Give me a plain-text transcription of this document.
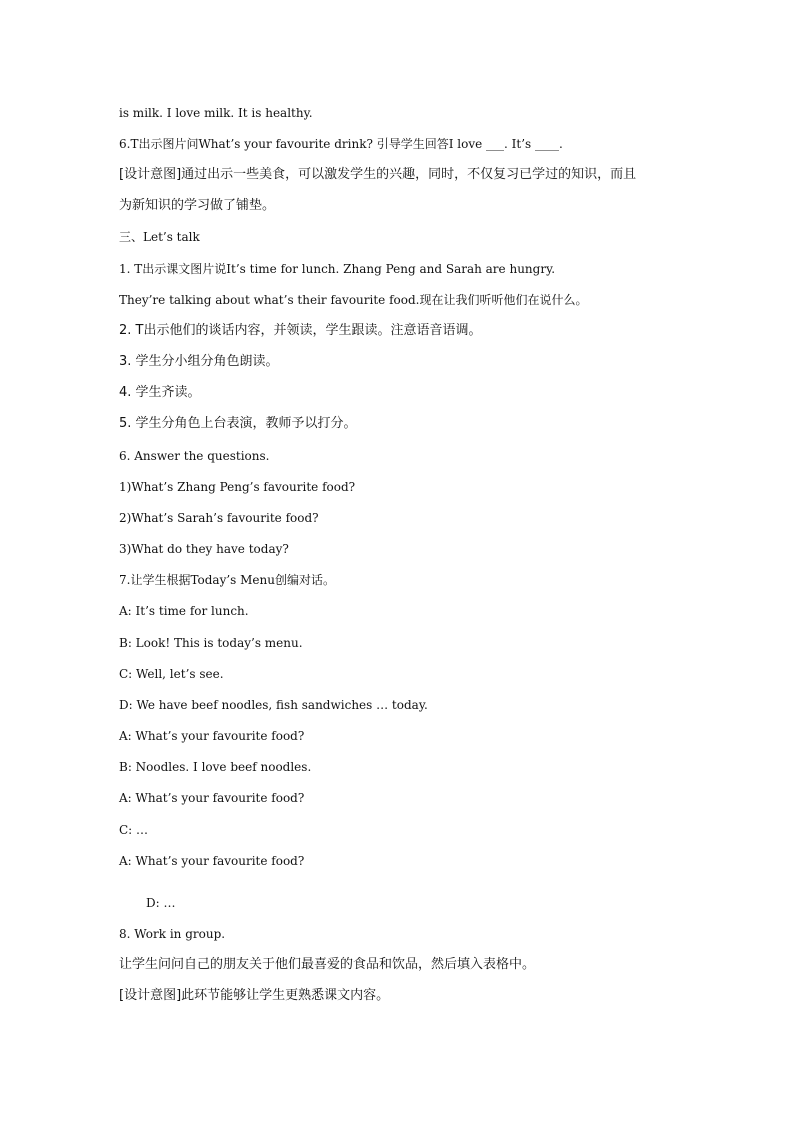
is milk. I love milk. It is healthy.
6.T出示图片问What’s your favourite drink? 引导学生回答I love ___. It’s ____.
[设计意图]通过出示一些美食，可以激发学生的兴趣，同时，不仅复习已学过的知识，而且
为新知识的学习做了铺垫。
三、Let’s talk
1. T出示课文图片说It’s time for lunch. Zhang Peng and Sarah are hungry.
They’re talking about what’s their favourite food.现在让我们听听他们在说什么。
2. T出示他们的谈话内容，并领读，学生跟读。注意语音语调。
3. 学生分小组分角色朗读。
4. 学生齐读。
5. 学生分角色上台表演，教师予以打分。
6. Answer the questions.
1)What’s Zhang Peng’s favourite food?
2)What’s Sarah’s favourite food?
3)What do they have today?
7.让学生根据Today’s Menu创编对话。
A: It’s time for lunch.
B: Look! This is today’s menu.
C: Well, let’s see.
D: We have beef noodles, fish sandwiches … today.
A: What’s your favourite food?
B: Noodles. I love beef noodles.
A: What’s your favourite food?
C: …
A: What’s your favourite food?
D: …
8. Work in group.
让学生问问自己的朋友关于他们最喜爱的食品和饮品，然后填入表格中。
[设计意图]此环节能够让学生更熟悉课文内容。
